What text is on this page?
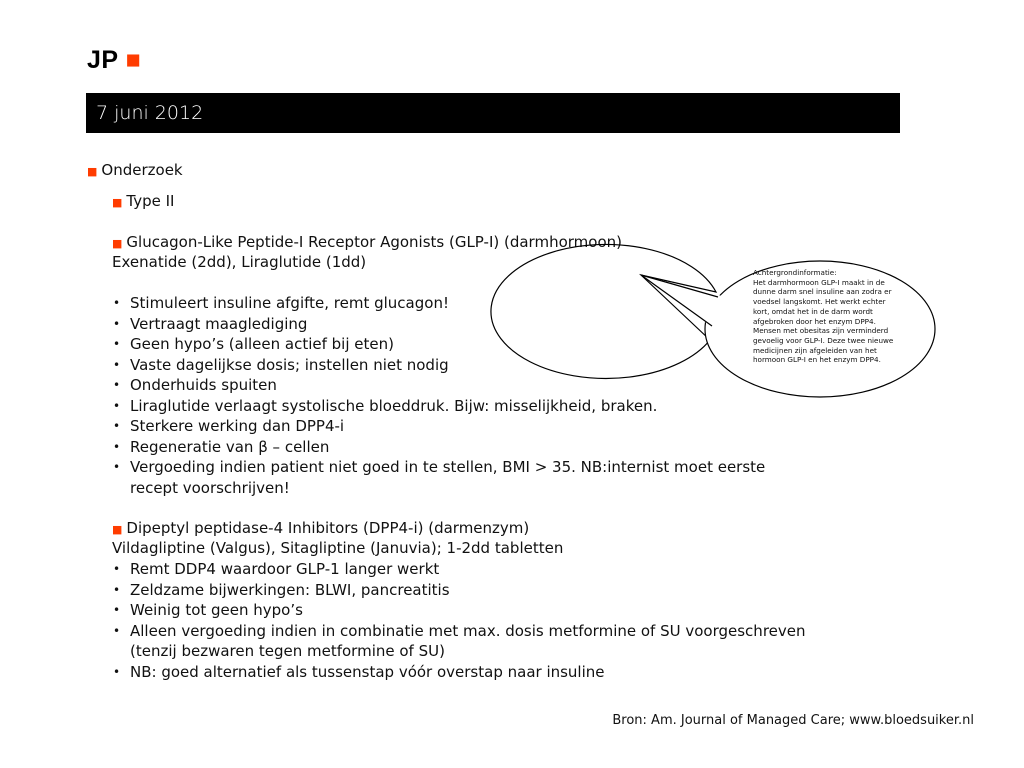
JP ■
7 juni 2012
■ Onderzoek
■ Type II
■ Glucagon-Like Peptide-I Receptor Agonists (GLP-I) (darmhormoon)
Exenatide (2dd), Liraglutide (1dd)
• Stimuleert insuline afgifte, remt glucagon!
• Vertraagt maaglediging
• Geen hypo’s (alleen actief bij eten)
• Vaste dagelijkse dosis; instellen niet nodig
• Onderhuids spuiten
• Liraglutide verlaagt systolische bloeddruk. Bijw: misselijkheid, braken.
• Sterkere werking dan DPP4-i
• Regeneratie van β – cellen
• Vergoeding indien patient niet goed in te stellen, BMI > 35. NB:internist moet eerste
recept voorschrijven!
■ Dipeptyl peptidase-4 Inhibitors (DPP4-i) (darmenzym)
Vildagliptine (Valgus), Sitagliptine (Januvia); 1-2dd tabletten
• Remt DDP4 waardoor GLP-1 langer werkt
• Zeldzame bijwerkingen: BLWI, pancreatitis
• Weinig tot geen hypo’s
• Alleen vergoeding indien in combinatie met max. dosis metformine of SU voorgeschreven
(tenzij bezwaren tegen metformine of SU)
• NB: goed alternatief als tussenstap vóór overstap naar insuline
Achtergrondinformatie:
Het darmhormoon GLP-I maakt in de
dunne darm snel insuline aan zodra er
voedsel langskomt. Het werkt echter
kort, omdat het in de darm wordt
afgebroken door het enzym DPP4.
Mensen met obesitas zijn verminderd
gevoelig voor GLP-I. Deze twee nieuwe
medicijnen zijn afgeleiden van het
hormoon GLP-I en het enzym DPP4.
Bron: Am. Journal of Managed Care; www.bloedsuiker.nl
